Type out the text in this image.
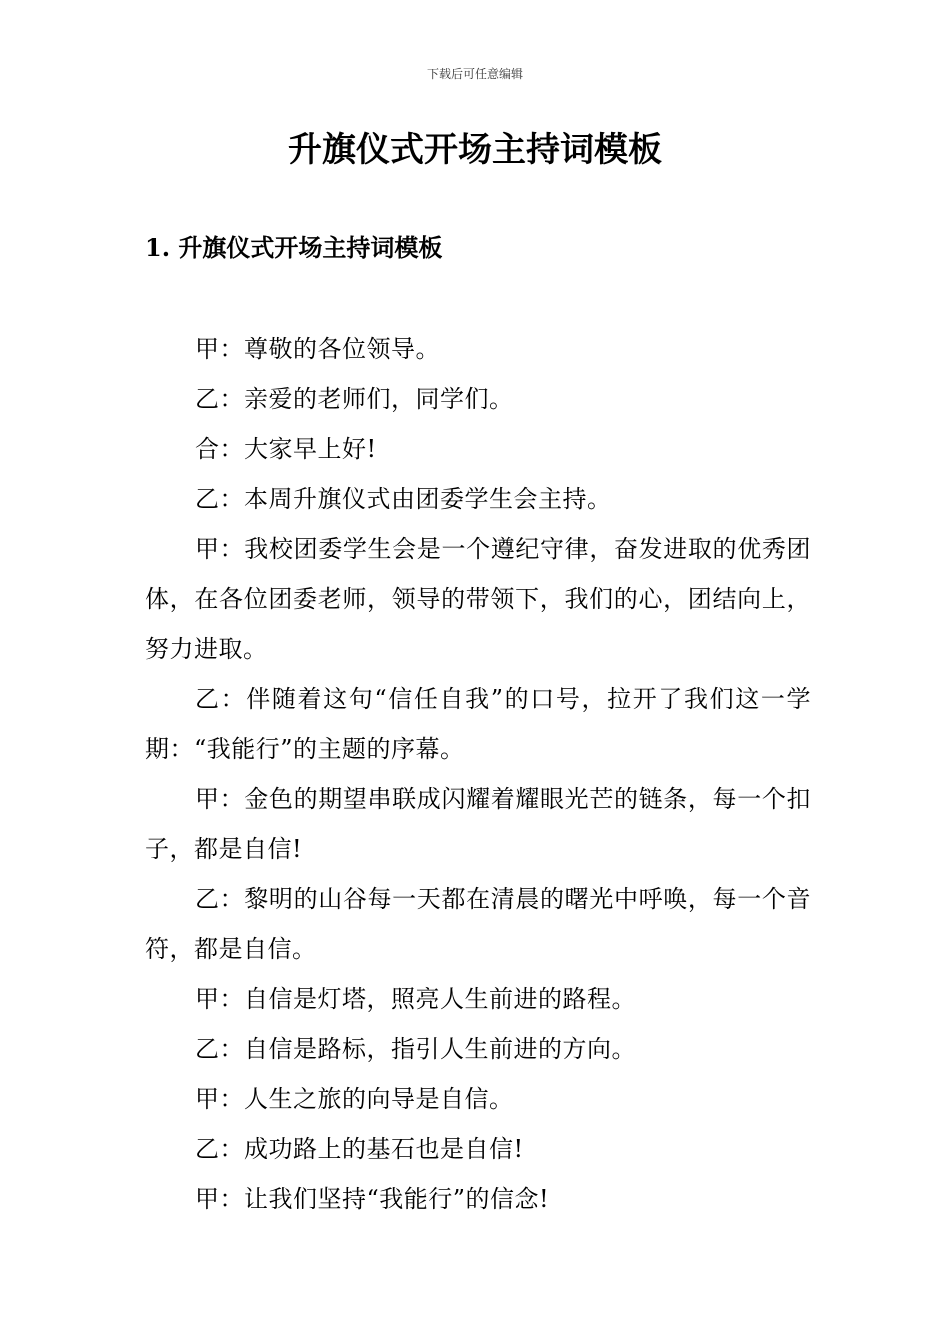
下载后可任意编辑
升旗仪式开场主持词模板
1. 升旗仪式开场主持词模板

甲：尊敬的各位领导。

乙：亲爱的老师们，同学们。

合：大家早上好!

乙：本周升旗仪式由团委学生会主持。

甲：我校团委学生会是一个遵纪守律，奋发进取的优秀团体，在各位团委老师，领导的带领下，我们的心，团结向上，努力进取。

乙：伴随着这句“信任自我”的口号，拉开了我们这一学期：“我能行”的主题的序幕。

甲：金色的期望串联成闪耀着耀眼光芒的链条，每一个扣子，都是自信!

乙：黎明的山谷每一天都在清晨的曙光中呼唤，每一个音符，都是自信。

甲：自信是灯塔，照亮人生前进的路程。

乙：自信是路标，指引人生前进的方向。

甲：人生之旅的向导是自信。

乙：成功路上的基石也是自信!

甲：让我们坚持“我能行”的信念!
